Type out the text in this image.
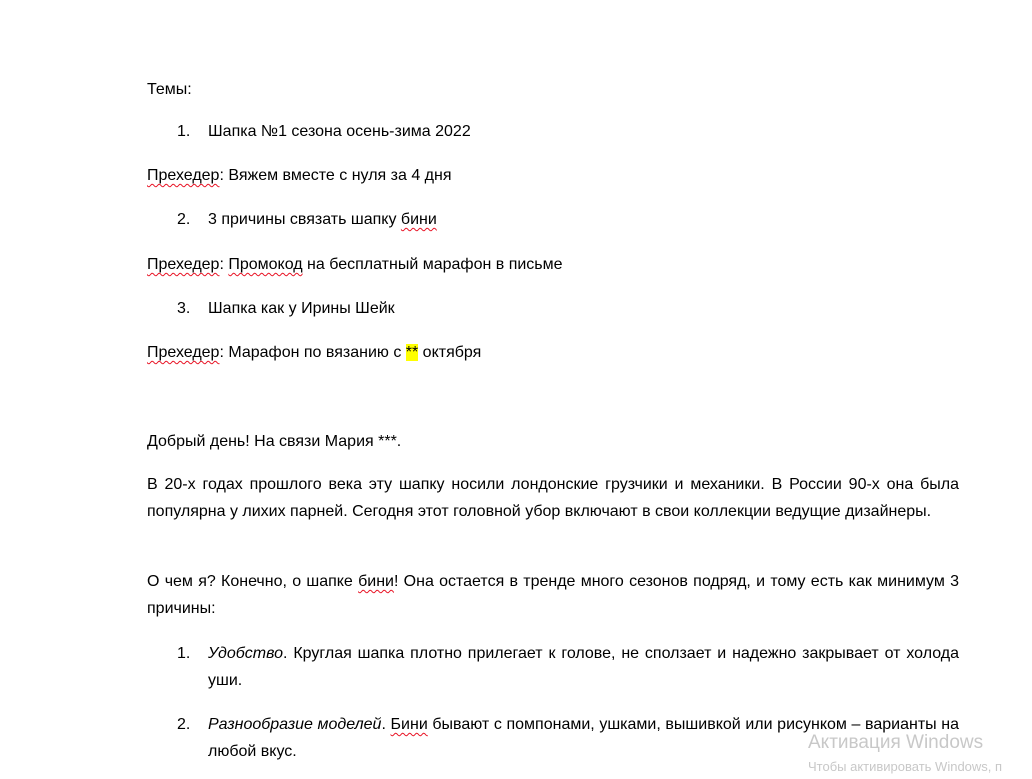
Темы:

1.	Шапка №1 сезона осень-зима 2022

Прехедер: Вяжем вместе с нуля за 4 дня

2.	3 причины связать шапку бини

Прехедер: Промокод на бесплатный марафон в письме

3.	Шапка как у Ирины Шейк

Прехедер: Марафон по вязанию с ** октября

Добрый день! На связи Мария ***.

В 20-х годах прошлого века эту шапку носили лондонские грузчики и механики. В России 90-х она была популярна у лихих парней. Сегодня этот головной убор включают в свои коллекции ведущие дизайнеры.

О чем я? Конечно, о шапке бини! Она остается в тренде много сезонов подряд, и тому есть как минимум 3 причины:

1.	Удобство. Круглая шапка плотно прилегает к голове, не сползает и надежно закрывает от холода уши.

2.	Разнообразие моделей. Бини бывают с помпонами, ушками, вышивкой или рисунком – варианты на любой вкус.	Активация Windows
Чтобы активировать Windows, п
